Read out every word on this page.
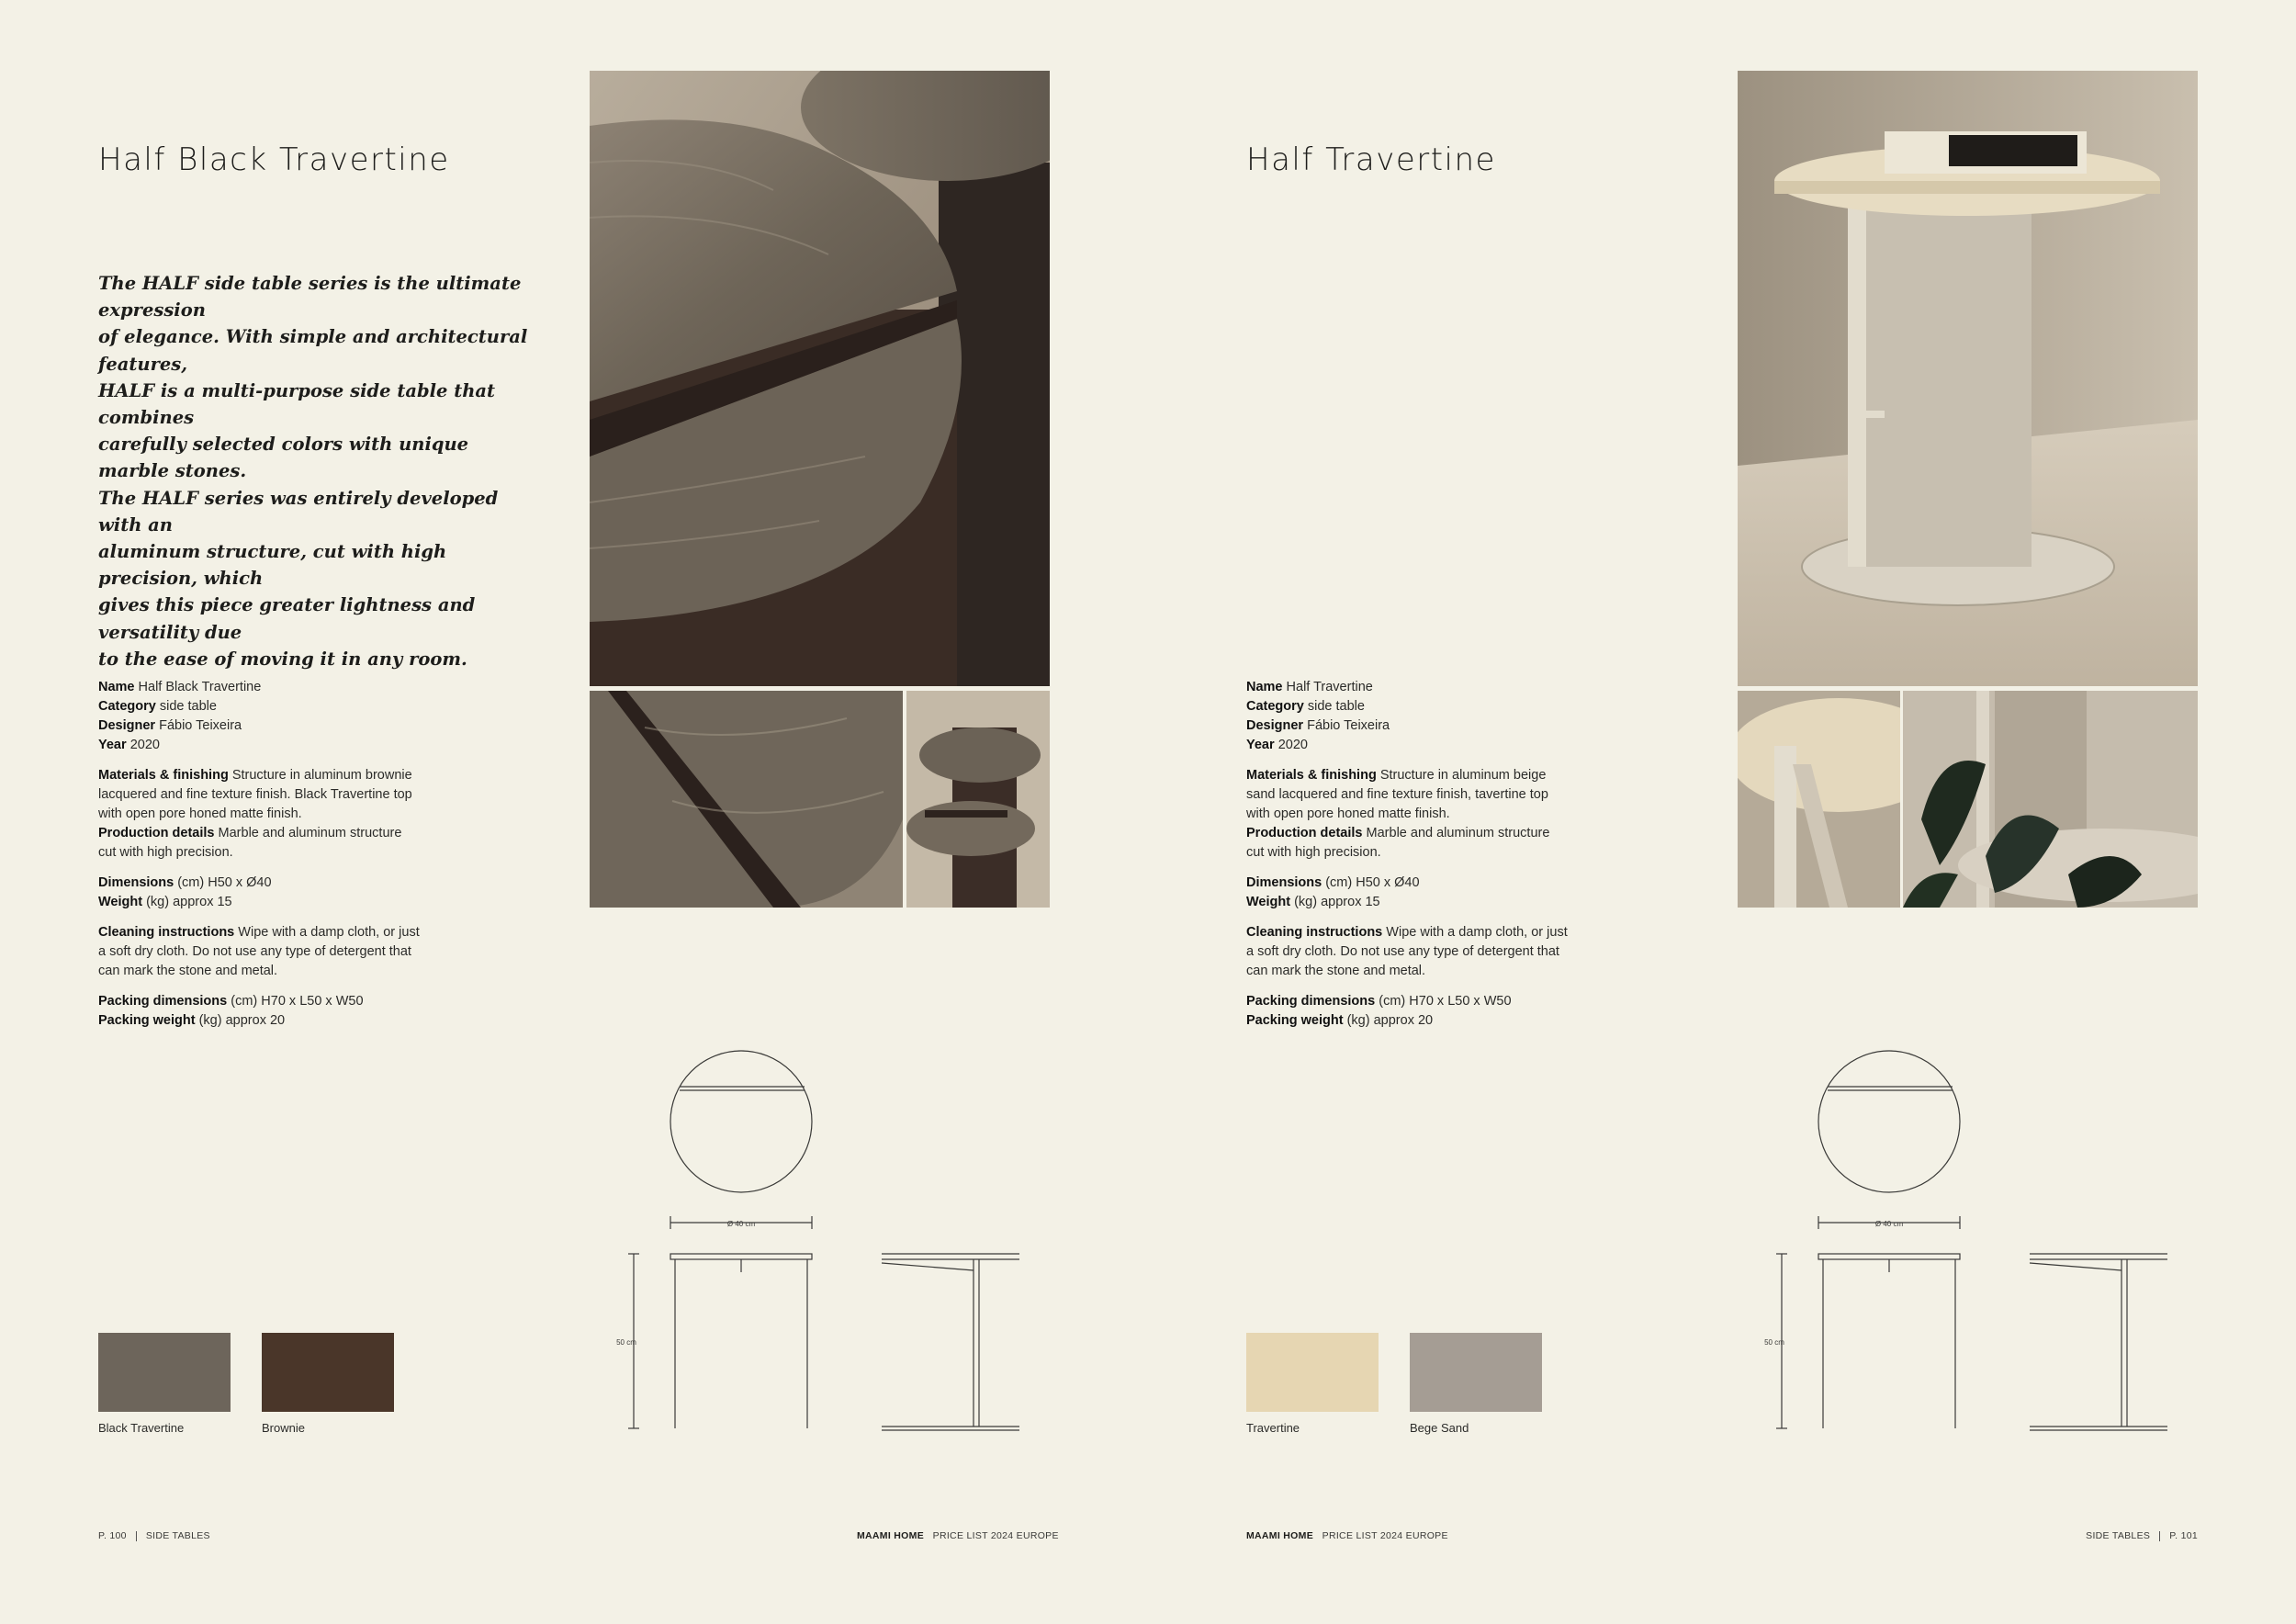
Half Black Travertine

The HALF side table series is the ultimate expression

of elegance. With simple and architectural features,

HALF is a multi-purpose side table that combines

carefully selected colors with unique marble stones.

The HALF series was entirely developed with an

aluminum structure, cut with high precision, which

gives this piece greater lightness and versatility due

to the ease of moving it in any room.

Name Half Black Travertine

Category side table

Designer Fábio Teixeira

Year 2020

Materials & finishing Structure in aluminum brownie

lacquered and fine texture finish. Black Travertine top

with open pore honed matte finish.

Production details Marble and aluminum structure

cut with high precision.

Dimensions (cm) H50 x Ø40

Weight (kg) approx 15

Cleaning instructions Wipe with a damp cloth, or just

a soft dry cloth. Do not use any type of detergent that

can mark the stone and metal.

Packing dimensions (cm) H70 x L50 x W50

Packing weight (kg) approx 20

Ø 40 cm
50 cm
Black Travertine	Brownie
P. 100 SIDE TABLES	MAAMI HOME PRICE LIST 2024 EUROPE
Half Travertine

Name Half Travertine

Category side table

Designer Fábio Teixeira

Year 2020

Materials & finishing Structure in aluminum beige

sand lacquered and fine texture finish, tavertine top

with open pore honed matte finish.

Production details Marble and aluminum structure

cut with high precision.

Dimensions (cm) H50 x Ø40

Weight (kg) approx 15

Cleaning instructions Wipe with a damp cloth, or just

a soft dry cloth. Do not use any type of detergent that

can mark the stone and metal.

Packing dimensions (cm) H70 x L50 x W50

Packing weight (kg) approx 20

Ø 40 cm
50 cm
Travertine	Bege Sand
MAAMI HOME PRICE LIST 2024 EUROPE	SIDE TABLES P. 101
